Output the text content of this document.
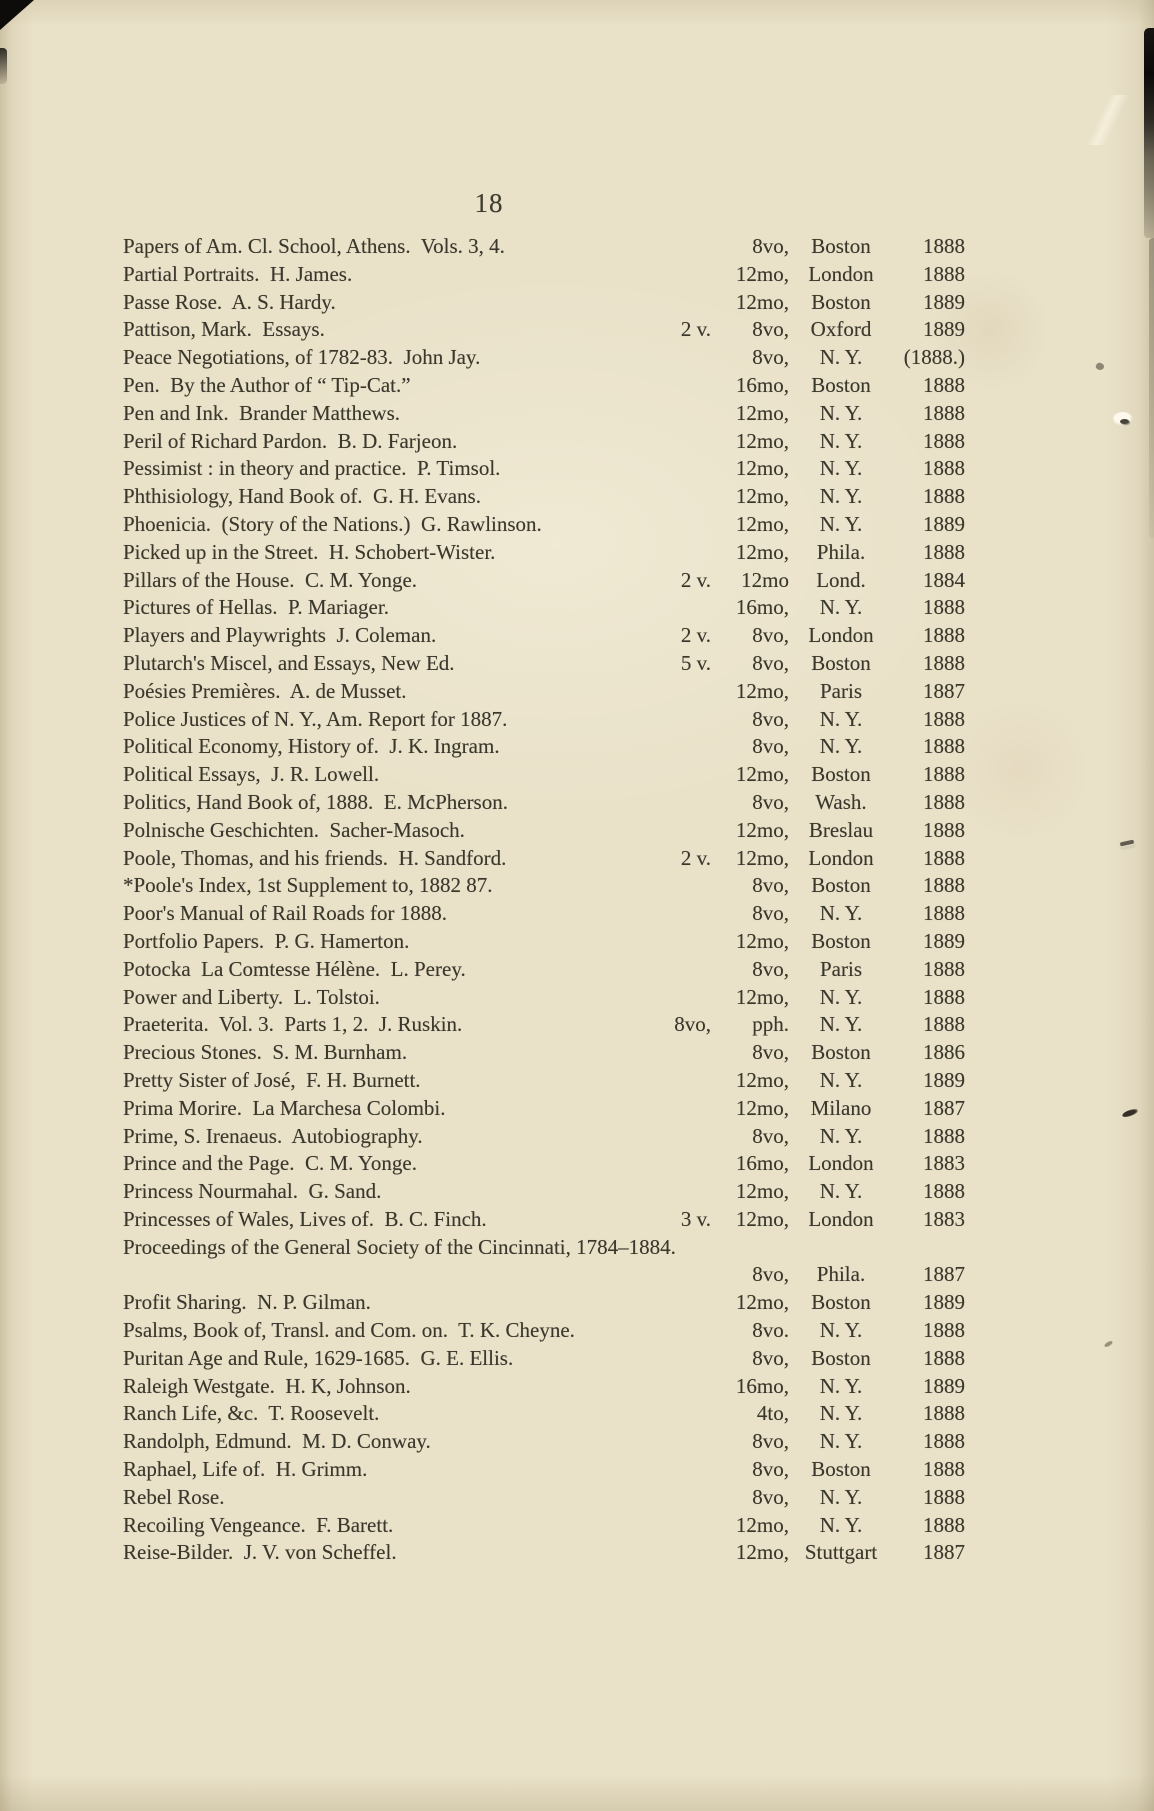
18
Papers of Am. Cl. School, Athens.  Vols. 3, 4.	8vo,	Boston	1888
Partial Portraits.  H. James.	12mo, London	1888
Passe Rose.  A. S. Hardy.	12mo,	Boston	1889
Pattison, Mark.  Essays.	2 v.	8vo,	Oxford	1889
Peace Negotiations, of 1782-83.  John Jay.	8vo,	N. Y.	(1888.)
Pen.  By the Author of “ Tip-Cat.”	16mo,	Boston	1888
Pen and Ink.  Brander Matthews.	12mo,	N. Y.	1888
Peril of Richard Pardon.  B. D. Farjeon.	12mo,	N. Y.	1888
Pessimist : in theory and practice.  P. Timsol.	12mo,	N. Y.	1888
Phthisiology, Hand Book of.  G. H. Evans.	12mo,	N. Y.	1888
Phoenicia.  (Story of the Nations.)  G. Rawlinson.	12mo,	N. Y.	1889
Picked up in the Street.  H. Schobert-Wister.	12mo,	Phila.	1888
Pillars of the House.  C. M. Yonge.	2 v.	12mo	Lond.	1884
Pictures of Hellas.  P. Mariager.	16mo,	N. Y.	1888
Players and Playwrights  J. Coleman.	2 v.	8vo, London	1888
Plutarch's Miscel, and Essays, New Ed.	5 v.	8vo,	Boston	1888
Poésies Premières.  A. de Musset.	12mo,	Paris	1887
Police Justices of N. Y., Am. Report for 1887.	8vo,	N. Y.	1888
Political Economy, History of.  J. K. Ingram.	8vo,	N. Y.	1888
Political Essays,  J. R. Lowell.	12mo,	Boston	1888
Politics, Hand Book of, 1888.  E. McPherson.	8vo,	Wash.	1888
Polnische Geschichten.  Sacher-Masoch.	12mo, Breslau	1888
Poole, Thomas, and his friends.  H. Sandford.	2 v.	12mo, London	1888
*Poole's Index, 1st Supplement to, 1882 87.	8vo,	Boston	1888
Poor's Manual of Rail Roads for 1888.	8vo,	N. Y.	1888
Portfolio Papers.  P. G. Hamerton.	12mo,	Boston	1889
Potocka  La Comtesse Hélène.  L. Perey.	8vo,	Paris	1888
Power and Liberty.  L. Tolstoi.	12mo,	N. Y.	1888
Praeterita.  Vol. 3.  Parts 1, 2.  J. Ruskin.	8vo,	pph.	N. Y.	1888
Precious Stones.  S. M. Burnham.	8vo,	Boston	1886
Pretty Sister of José,  F. H. Burnett.	12mo,	N. Y.	1889
Prima Morire.  La Marchesa Colombi.	12mo,	Milano	1887
Prime, S. Irenaeus.  Autobiography.	8vo,	N. Y.	1888
Prince and the Page.  C. M. Yonge.	16mo, London	1883
Princess Nourmahal.  G. Sand.	12mo,	N. Y.	1888
Princesses of Wales, Lives of.  B. C. Finch.	3 v.	12mo, London	1883
Proceedings of the General Society of the Cincinnati, 1784–1884.
8vo,	Phila.	1887
Profit Sharing.  N. P. Gilman.	12mo,	Boston	1889
Psalms, Book of, Transl. and Com. on.  T. K. Cheyne.	8vo.	N. Y.	1888
Puritan Age and Rule, 1629-1685.  G. E. Ellis.	8vo,	Boston	1888
Raleigh Westgate.  H. K, Johnson.	16mo,	N. Y.	1889
Ranch Life, &c.  T. Roosevelt.	4to,	N. Y.	1888
Randolph, Edmund.  M. D. Conway.	8vo,	N. Y.	1888
Raphael, Life of.  H. Grimm.	8vo,	Boston	1888
Rebel Rose.	8vo,	N. Y.	1888
Recoiling Vengeance.  F. Barett.	12mo,	N. Y.	1888
Reise-Bilder.  J. V. von Scheffel.	12mo, Stuttgart	1887
